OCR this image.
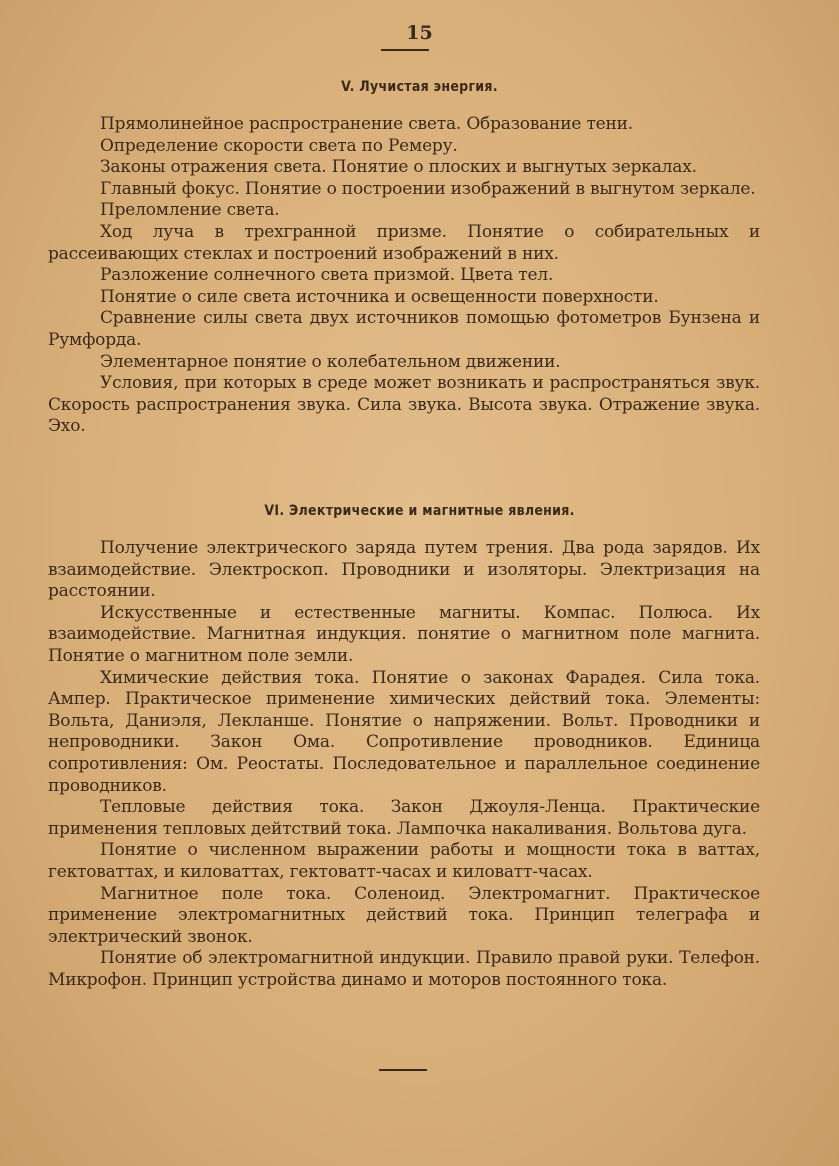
15
V. Лучистая энергия.

Прямолинейное распространение света. Образование тени.

Определение скорости света по Ремеру.

Законы отражения света. Понятие о плоских и выгнутых зеркалах.

Главный фокус. Понятие о построении изображений в выгнутом зеркале.

Преломление света.

Ход луча в трехгранной призме. Понятие о собирательных и рассеивающих стеклах и построений изображений в них.

Разложение солнечного света призмой. Цвета тел.

Понятие о силе света источника и освещенности поверхности.

Сравнение силы света двух источников помощью фотометров Бунзена и Румфорда.

Элементарное понятие о колебательном движении.

Условия, при которых в среде может возникать и распространяться звук. Скорость распространения звука. Сила звука. Высота звука. Отражение звука. Эхо.

VI. Электрические и магнитные явления.

Получение электрического заряда путем трения. Два рода зарядов. Их взаимодействие. Электроскоп. Проводники и изоляторы. Электризация на расстоянии.

Искусственные и естественные магниты. Компас. Полюса. Их взаимодействие. Магнитная индукция. понятие о магнитном поле магнита. Понятие о магнитном поле земли.

Химические действия тока. Понятие о законах Фарадея. Сила тока. Ампер. Практическое применение химических действий тока. Элементы: Вольта, Даниэля, Лекланше. Понятие о напряжении. Вольт. Проводники и непроводники. Закон Ома. Сопротивление проводников. Единица сопротивления: Ом. Реостаты. Последовательное и параллельное соединение проводников.

Тепловые действия тока. Закон Джоуля-Ленца. Практические применения тепловых дейтствий тока. Лампочка накаливания. Вольтова дуга.

Понятие о численном выражении работы и мощности тока в ваттах, гектоваттах, и киловаттах, гектоватт-часах и киловатт-часах.

Магнитное поле тока. Соленоид. Электромагнит. Практическое применение электромагнитных действий тока. Принцип телеграфа и электрический звонок.

Понятие об электромагнитной индукции. Правило правой руки. Телефон. Микрофон. Принцип устройства динамо и моторов постоянного тока.
